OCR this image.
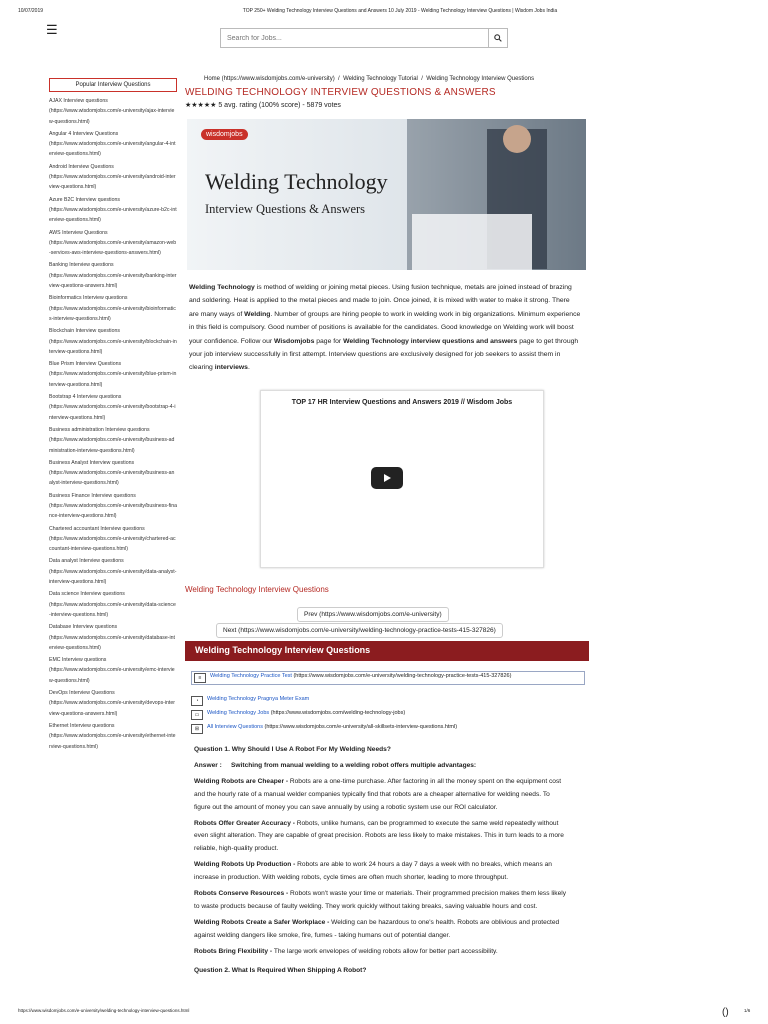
10/07/2019	TOP 250+ Welding Technology Interview Questions and Answers 10 July 2019 - Welding Technology Interview Questions | Wisdom Jobs India
☰
Search for Jobs...
Popular Interview Questions
AJAX Interview questions
(https://www.wisdomjobs.com/e-university/ajax-interview-questions.html)
Angular 4 Interview Questions
(https://www.wisdomjobs.com/e-university/angular-4-interview-questions.html)
Android Interview Questions
(https://www.wisdomjobs.com/e-university/android-interview-questions.html)
Azure B2C Interview questions
(https://www.wisdomjobs.com/e-university/azure-b2c-interview-questions.html)
AWS Interview Questions
(https://www.wisdomjobs.com/e-university/amazon-web-services-aws-interview-questions-answers.html)
Banking Interview questions
(https://www.wisdomjobs.com/e-university/banking-interview-questions-answers.html)
Bioinformatics Interview questions
(https://www.wisdomjobs.com/e-university/bioinformatics-interview-questions.html)
Blockchain Interview questions
(https://www.wisdomjobs.com/e-university/blockchain-interview-questions.html)
Blue Prism Interview Questions
(https://www.wisdomjobs.com/e-university/blue-prism-interview-questions.html)
Bootstrap 4 Interview questions
(https://www.wisdomjobs.com/e-university/bootstrap-4-interview-questions.html)
Business administration Interview questions
(https://www.wisdomjobs.com/e-university/business-administration-interview-questions.html)
Business Analyst Interview questions
(https://www.wisdomjobs.com/e-university/business-analyst-interview-questions.html)
Business Finance Interview questions
(https://www.wisdomjobs.com/e-university/business-finance-interview-questions.html)
Chartered accountant Interview questions
(https://www.wisdomjobs.com/e-university/chartered-accountant-interview-questions.html)
Data analyst Interview questions
(https://www.wisdomjobs.com/e-university/data-analyst-interview-questions.html)
Data science Interview questions
(https://www.wisdomjobs.com/e-university/data-science-interview-questions.html)
Database Interview questions
(https://www.wisdomjobs.com/e-university/database-interview-questions.html)
EMC Interview questions
(https://www.wisdomjobs.com/e-university/emc-interview-questions.html)
DevOps Interview Questions
(https://www.wisdomjobs.com/e-university/devops-interview-questions-answers.html)
Ethernet Interview questions
(https://www.wisdomjobs.com/e-university/ethernet-interview-questions.html)
Home (https://www.wisdomjobs.com/e-university) / Welding Technology Tutorial / Welding Technology Interview Questions
WELDING TECHNOLOGY INTERVIEW QUESTIONS & ANSWERS
★★★★★ 5 avg. rating (100% score) - 5879 votes
wisdomjobs
Welding Technology
Interview Questions & Answers
Welding Technology is method of welding or joining metal pieces. Using fusion technique, metals are joined instead of brazing and soldering. Heat is applied to the metal pieces and made to join. Once joined, it is mixed with water to make it strong. There are many ways of Welding. Number of groups are hiring people to work in welding work in big organizations. Minimum experience in this field is compulsory. Good number of positions is available for the candidates. Good knowledge on Welding work will boost your confidence. Follow our Wisdomjobs page for Welding Technology interview questions and answers page to get through your job interview successfully in first attempt. Interview questions are exclusively designed for job seekers to assist them in clearing interviews.
TOP 17 HR Interview Questions and Answers 2019 // Wisdom Jobs
Welding Technology Interview Questions
Prev (https://www.wisdomjobs.com/e-university)
Next (https://www.wisdomjobs.com/e-university/welding-technology-practice-tests-415-327826)
Welding Technology Interview Questions
≡	Welding Technology Practice Test (https://www.wisdomjobs.com/e-university/welding-technology-practice-tests-415-327826)
◔	Welding Technology Pragnya Meter Exam
▭	Welding Technology Jobs (https://www.wisdomjobs.com/welding-technology-jobs)
⊞	All Interview Questions (https://www.wisdomjobs.com/e-university/all-skillsets-interview-questions.html)

Question 1. Why Should I Use A Robot For My Welding Needs?

Answer : Switching from manual welding to a welding robot offers multiple advantages:

Welding Robots are Cheaper - Robots are a one-time purchase. After factoring in all the money spent on the equipment cost and the hourly rate of a manual welder companies typically find that robots are a cheaper alternative for welding needs. To figure out the amount of money you can save annually by using a robotic system use our ROI calculator.

Robots Offer Greater Accuracy - Robots, unlike humans, can be programmed to execute the same weld repeatedly without even slight alteration. They are capable of great precision. Robots are less likely to make mistakes. This in turn leads to a more reliable, high-quality product.

Welding Robots Up Production - Robots are able to work 24 hours a day 7 days a week with no breaks, which means an increase in production. With welding robots, cycle times are often much shorter, leading to more throughput.

Robots Conserve Resources - Robots won't waste your time or materials. Their programmed precision makes them less likely to waste products because of faulty welding. They work quickly without taking breaks, saving valuable hours and cost.

Welding Robots Create a Safer Workplace - Welding can be hazardous to one's health. Robots are oblivious and protected against welding dangers like smoke, fire, fumes - taking humans out of potential danger.

Robots Bring Flexibility - The large work envelopes of welding robots allow for better part accessibility.

Question 2. What Is Required When Shipping A Robot?

()
https://www.wisdomjobs.com/e-university/welding-technology-interview-questions.html	1/6
